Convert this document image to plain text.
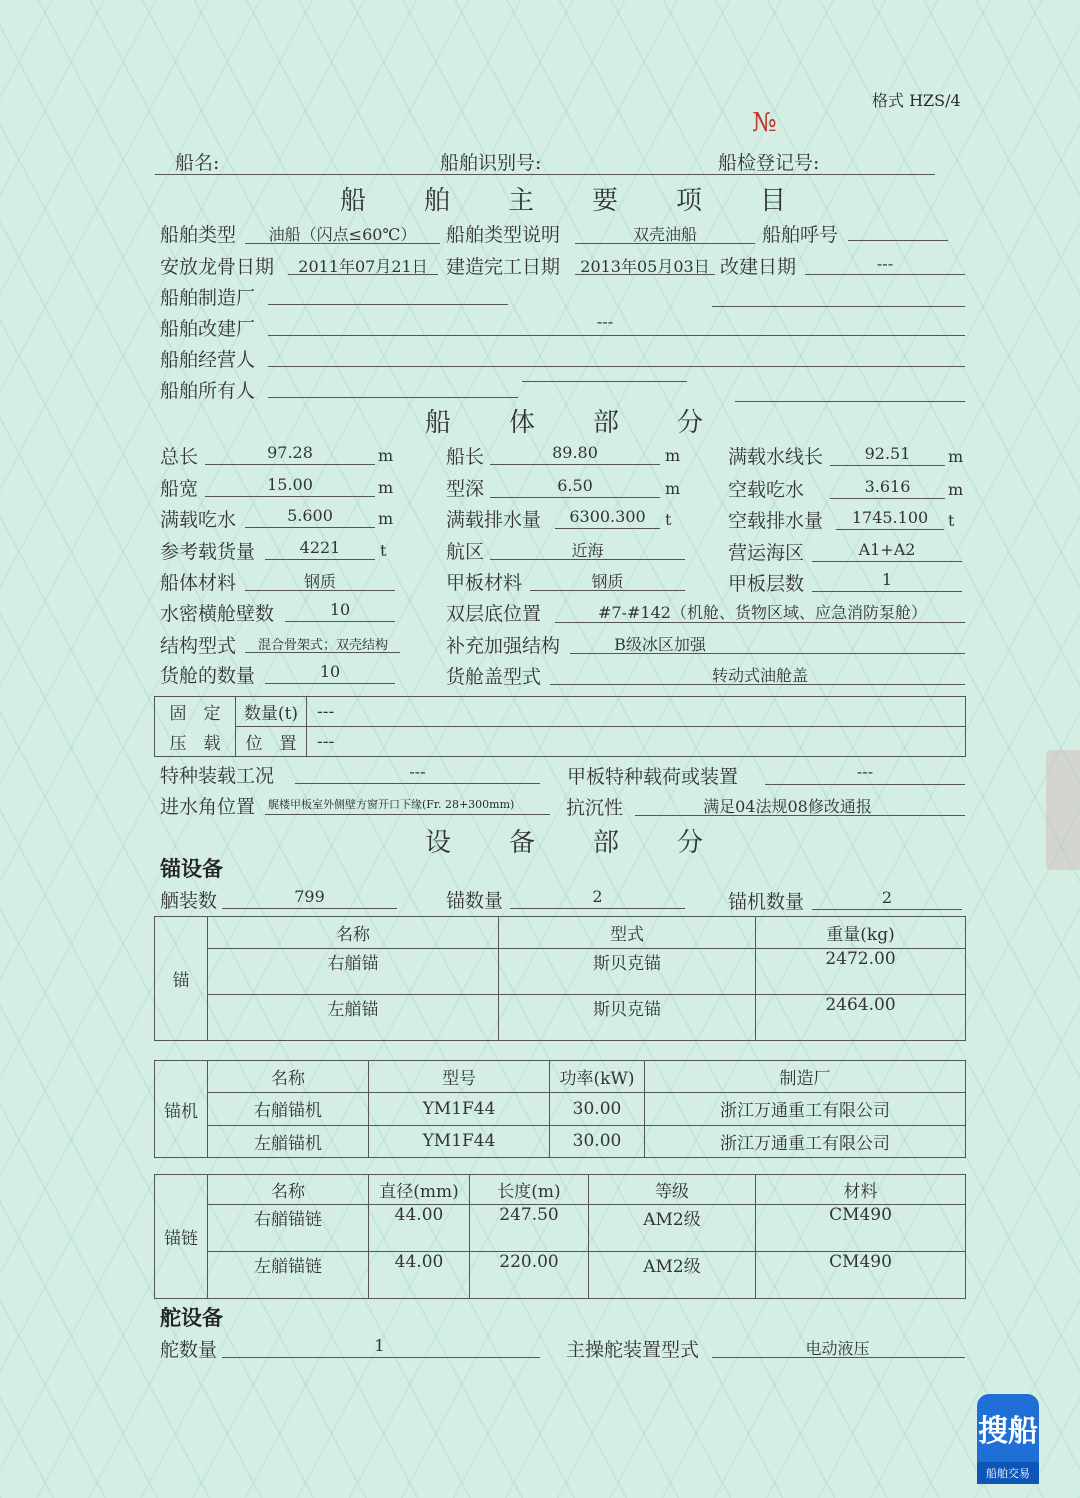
格式 HZS/4
№
船名:	船舶识别号:	船检登记号:
船　　舶　　主　　要　　项　　目
船舶类型	油船（闪点≤60℃）	船舶类型说明	双壳油船	船舶呼号
安放龙骨日期	2011年07月21日 建造完工日期	2013年05月03日 改建日期	---
船舶制造厂
船舶改建厂	---
船舶经营人
船舶所有人
船　　体　　部　　分
总长	97.28	m	船长	89.80	m	满载水线长	92.51	m
船宽	15.00	m	型深	6.50	m	空载吃水	3.616	m
满载吃水	5.600	m	满载排水量	6300.300	t	空载排水量	1745.100	t
参考载货量	4221	t	航区	近海	营运海区	A1+A2
船体材料	钢质	甲板材料	钢质	甲板层数	1
水密横舱壁数	10	双层底位置	#7-#142（机舱、货物区域、应急消防泵舱）
结构型式	混合骨架式；双壳结构	补充加强结构	B级冰区加强
货舱的数量	10	货舱盖型式	转动式油舱盖
固　定	数量(t)	---
压　载	位　置	---
特种装载工况	---	甲板特种载荷或装置	---
进水角位置 艉楼甲板室外侧壁方窗开口下缘(Fr. 28+300mm)	抗沉性	满足04法规08修改通报
设　　备　　部　　分
锚设备
舾装数	799	锚数量	2	锚机数量	2
锚	名称	型式	重量(kg)
	右艏锚	斯贝克锚	2472.00
	左艏锚	斯贝克锚	2464.00
锚机	名称	型号	功率(kW)	制造厂
	右艏锚机	YM1F44	30.00	浙江万通重工有限公司
	左艏锚机	YM1F44	30.00	浙江万通重工有限公司
锚链	名称	直径(mm)	长度(m)	等级	材料
	右艏锚链	44.00	247.50	AM2级	CM490
	左艏锚链	44.00	220.00	AM2级	CM490
舵设备
舵数量	1	主操舵装置型式	电动液压
搜船
船舶交易
